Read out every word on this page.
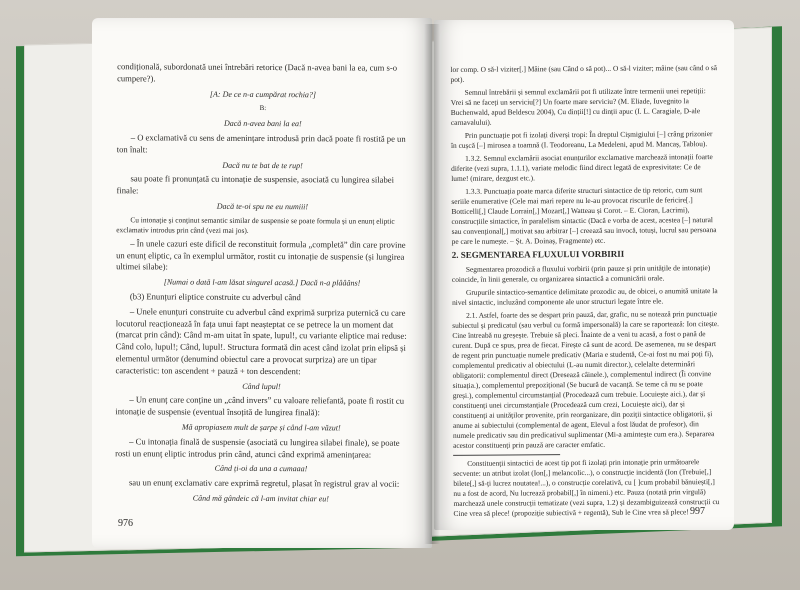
condițională, subordonată unei întrebări retorice (Dacă n-avea bani la ea, cum s-o cumpere?).

[A: De ce n-a cumpărat rochia?]

B:

Dacă n-avea bani la ea!

– O exclamativă cu sens de amenințare introdusă prin dacă poate fi rostită pe un ton înalt:

Dacă nu te bat de te rup!

sau poate fi pronunțată cu intonație de suspensie, asociată cu lungirea silabei finale:

Dacă te-oi spu ne eu numiii!

Cu intonație și conținut semantic similar de suspensie se poate formula și un enunț eliptic exclamativ introdus prin când (vezi mai jos).

– În unele cazuri este dificil de reconstituit formula „completă” din care provine un enunț eliptic, ca în exemplul următor, rostit cu intonație de suspensie (și lungirea ultimei silabe):

[Numai o dată l-am lăsat singurel acasă.] Dacă n-a plâââns!

(b3) Enunțuri eliptice construite cu adverbul când

– Unele enunțuri construite cu adverbul când exprimă surpriza puternică cu care locutorul reacționează în fața unui fapt neașteptat ce se petrece la un moment dat (marcat prin când): Când m-am uitat în spate, lupul!, cu variante eliptice mai reduse: Când colo, lupul!; Când, lupul!. Structura formată din acest când izolat prin elipsă și elementul următor (denumind obiectul care a provocat surpriza) are un tipar caracteristic: ton ascendent + pauză + ton descendent:

Când lupul!

– Un enunț care conține un „când invers” cu valoare reliefantă, poate fi rostit cu intonație de suspensie (eventual însoțită de lungirea finală):

Mă apropiasem mult de șarpe și când l-am văzut!

– Cu intonația finală de suspensie (asociată cu lungirea silabei finale), se poate rosti un enunț eliptic introdus prin când, atunci când exprimă amenințarea:

Când ți-oi da una a cumaaa!

sau un enunț exclamativ care exprimă regretul, plasat în registrul grav al vocii:

Când mă gândeic că l-am invitat chiar eu!

976

lor comp. O să-l viziter[.] Mâine (sau Când o să pot)... O să-l viziter; mâine (sau când o să pot).

Semnul întrebării și semnul exclamării pot fi utilizate între termenii unei repetiții: Vrei să ne faceți un serviciu[?] Un foarte mare serviciu? (M. Eliade, Iuvegnito la Buchenwald, apud Beldescu 2004), Cu dinții[!] cu dinții apuc (I. L. Caragiale, D-ale carnavalului).

Prin punctuație pot fi izolați diverși tropi: În dreptul Cișmigiului [–] crâng prizonier în cușcă [–] mirosea a toamnă (I. Teodoreanu, La Medeleni, apud M. Mancaș, Tablou).

1.3.2. Semnul exclamării asociat enunțurilor exclamative marchează intonații foarte diferite (vezi supra, 1.1.1), variate melodic fiind direct legată de expresivitate: Ce de lume! (mirare, dezgust etc.).

1.3.3. Punctuația poate marca diferite structuri sintactice de tip retoric, cum sunt seriile enumerative (Cele mai mari repere nu le-au provocat riscurile de fericire[.] Botticelli[,] Claude Lorrain[,] Mozart[,] Watteau și Corot. – E. Cioran, Lacrimi), construcțiile sintactice, în paralelism sintactic (Dacă e vorba de acest, acestea [–] natural sau convențional[,] motivat sau arbitrar [–] creează sau invocă, totuși, lucrul sau persoana pe care le numește. – Șt. A. Doinaș, Fragmente) etc.

2. SEGMENTAREA FLUXULUI VORBIRII

Segmentarea prozodică a fluxului vorbirii (prin pauze și prin unitățile de intonație) coincide, în linii generale, cu organizarea sintactică a comunicării orale.

Grupurile sintactico-semantice delimitate prozodic au, de obicei, o anumită unitate la nivel sintactic, incluzând componente ale unor structuri legate între ele.

2.1. Astfel, foarte des se despart prin pauză, dar, grafic, nu se notează prin punctuație subiectul și predicatul (sau verbul cu formă impersonală) la care se raportează: Ion citește. Cine întreabă nu greșește. Trebuie să pleci. Înainte de a veni tu acasă, a fost o pană de curent. După ce spus, prea de fiecat. Firește că sunt de acord. De asemenea, nu se despart de regent prin punctuație numele predicativ (Maria e studentă, Ce-ai fost nu mai poți fi), complementul predicativ al obiectului (L-au numit director.), celelalte determinări obligatorii: complementul direct (Dresează câinele.), complementul indirect (Îi convine situația.), complementul prepozițional (Se bucură de vacanță. Se teme că nu se poate greși.), complementul circumstanțial (Procedează cum trebuie. Locuiește aici.), dar și constituenți unei circumstanțiale (Procedează cum crezi, Locuiește aici), dar și constituenți ai unităților provenite, prin reorganizare, din poziții sintactice obligatorii, și anume ai subiectului (complemental de agent, Elevul a fost lăudat de profesor), din numele predicativ sau din predicativul suplimentar (Mi-a amintește cum era.). Separarea acestor constituenți prin pauză are caracter emfatic.

Constituenții sintactici de acest tip pot fi izolați prin intonație prin următoarele secvente: un atribut izolat (Ion[,] melancolic...), o construcție incidentă (Ion (Trebuie[,] bilete[,] să-ți lucrez noutatea!...), o construcție corelativă, cu [ ]cum probabil bănuiești[,] nu a fost de acord, Nu lucrează probabil[,] în nimeni.) etc. Pauza (notată prin virgulă) marchează unele construcții tematizate (vezi supra, 1.2) și dezambiguizează construcții cu Cine vrea să plece! (propoziție subiectivă + regentă), Sub le Cine vrea să plece! 997
